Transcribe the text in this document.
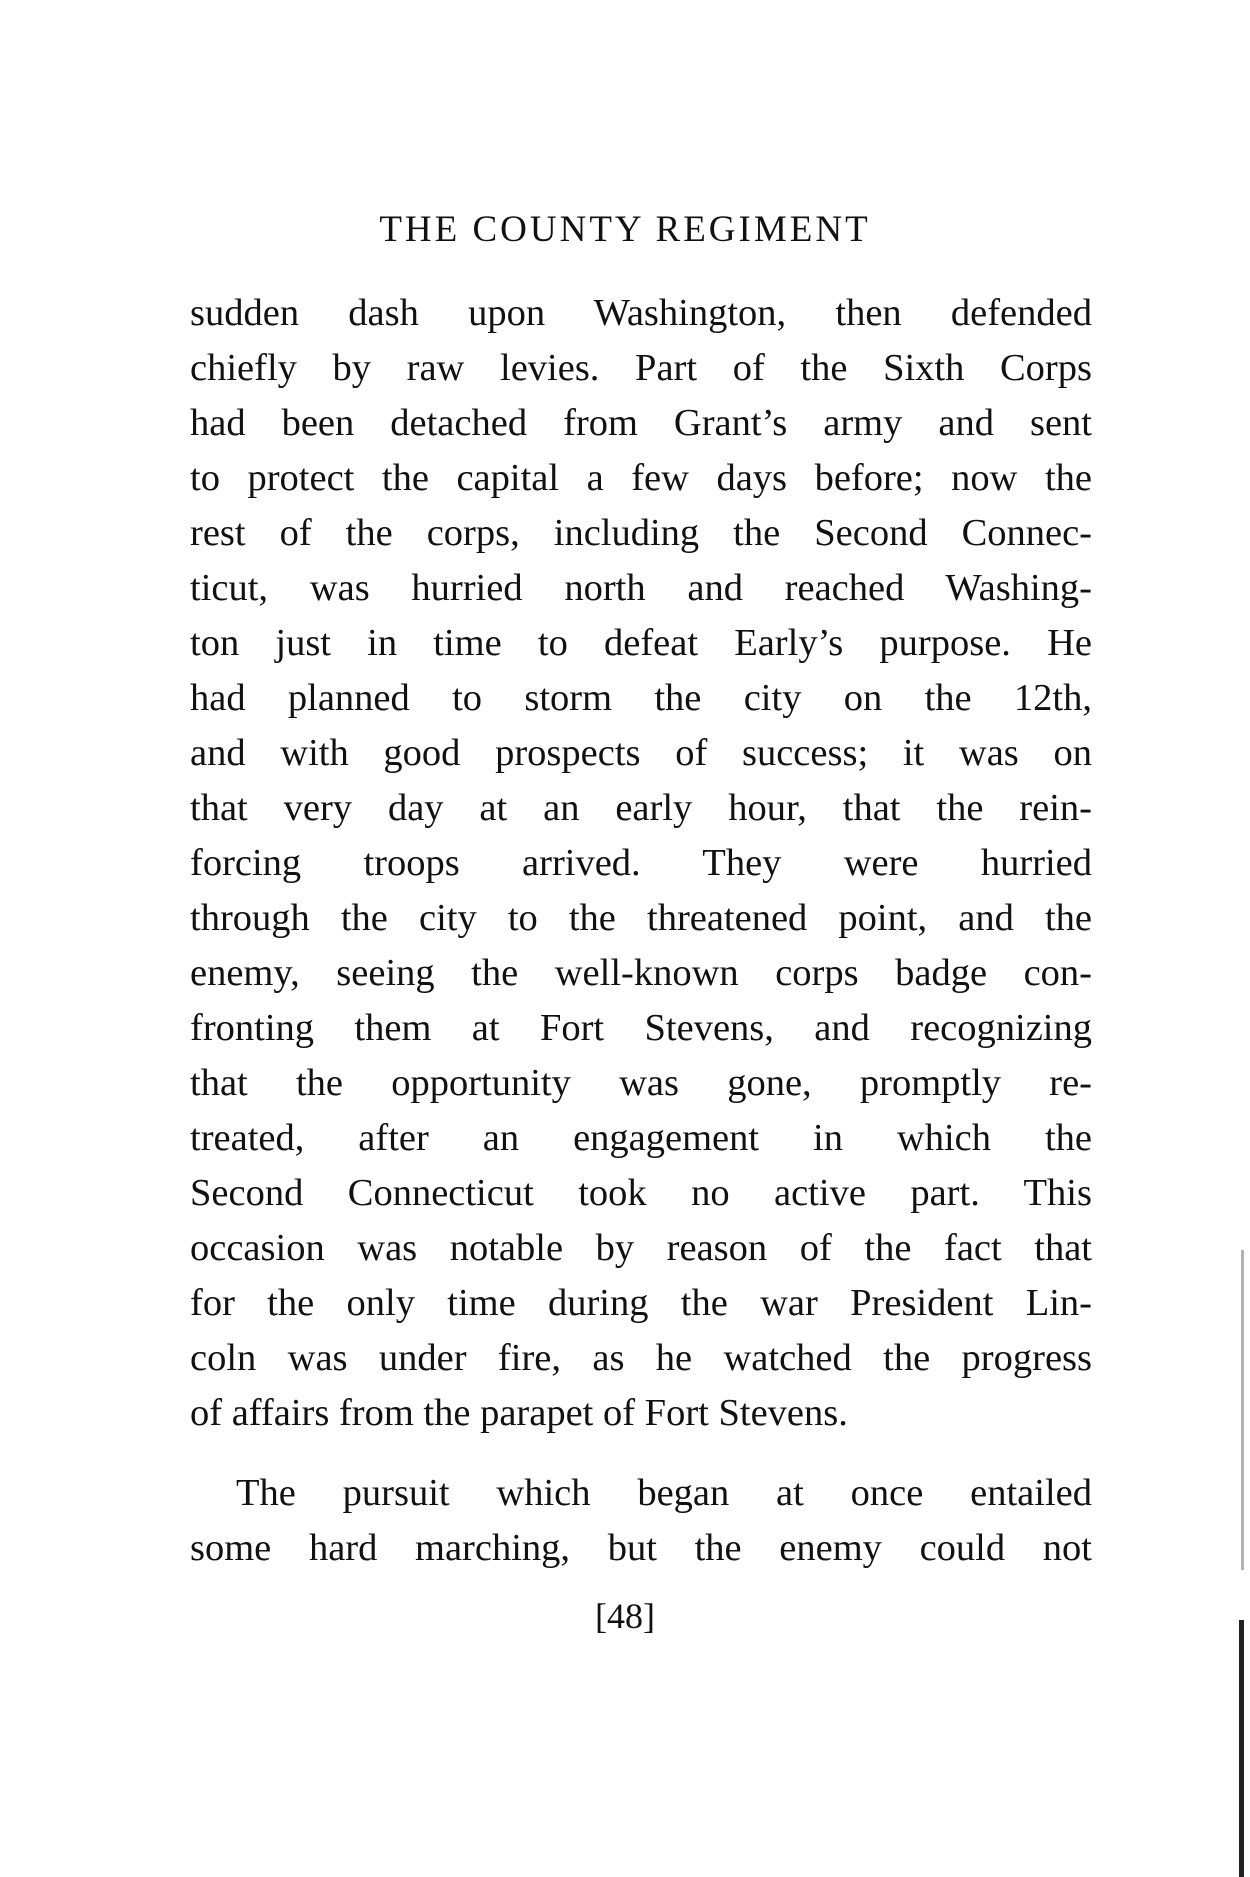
THE COUNTY REGIMENT
sudden dash upon Washington, then defended
chiefly by raw levies. Part of the Sixth Corps
had been detached from Grant’s army and sent
to protect the capital a few days before; now the
rest of the corps, including the Second Connec-
ticut, was hurried north and reached Washing-
ton just in time to defeat Early’s purpose. He
had planned to storm the city on the 12th,
and with good prospects of success; it was on
that very day at an early hour, that the rein-
forcing troops arrived. They were hurried
through the city to the threatened point, and the
enemy, seeing the well-known corps badge con-
fronting them at Fort Stevens, and recognizing
that the opportunity was gone, promptly re-
treated, after an engagement in which the
Second Connecticut took no active part. This
occasion was notable by reason of the fact that
for the only time during the war President Lin-
coln was under fire, as he watched the progress
of affairs from the parapet of Fort Stevens.
The pursuit which began at once entailed
some hard marching, but the enemy could not
[48]
